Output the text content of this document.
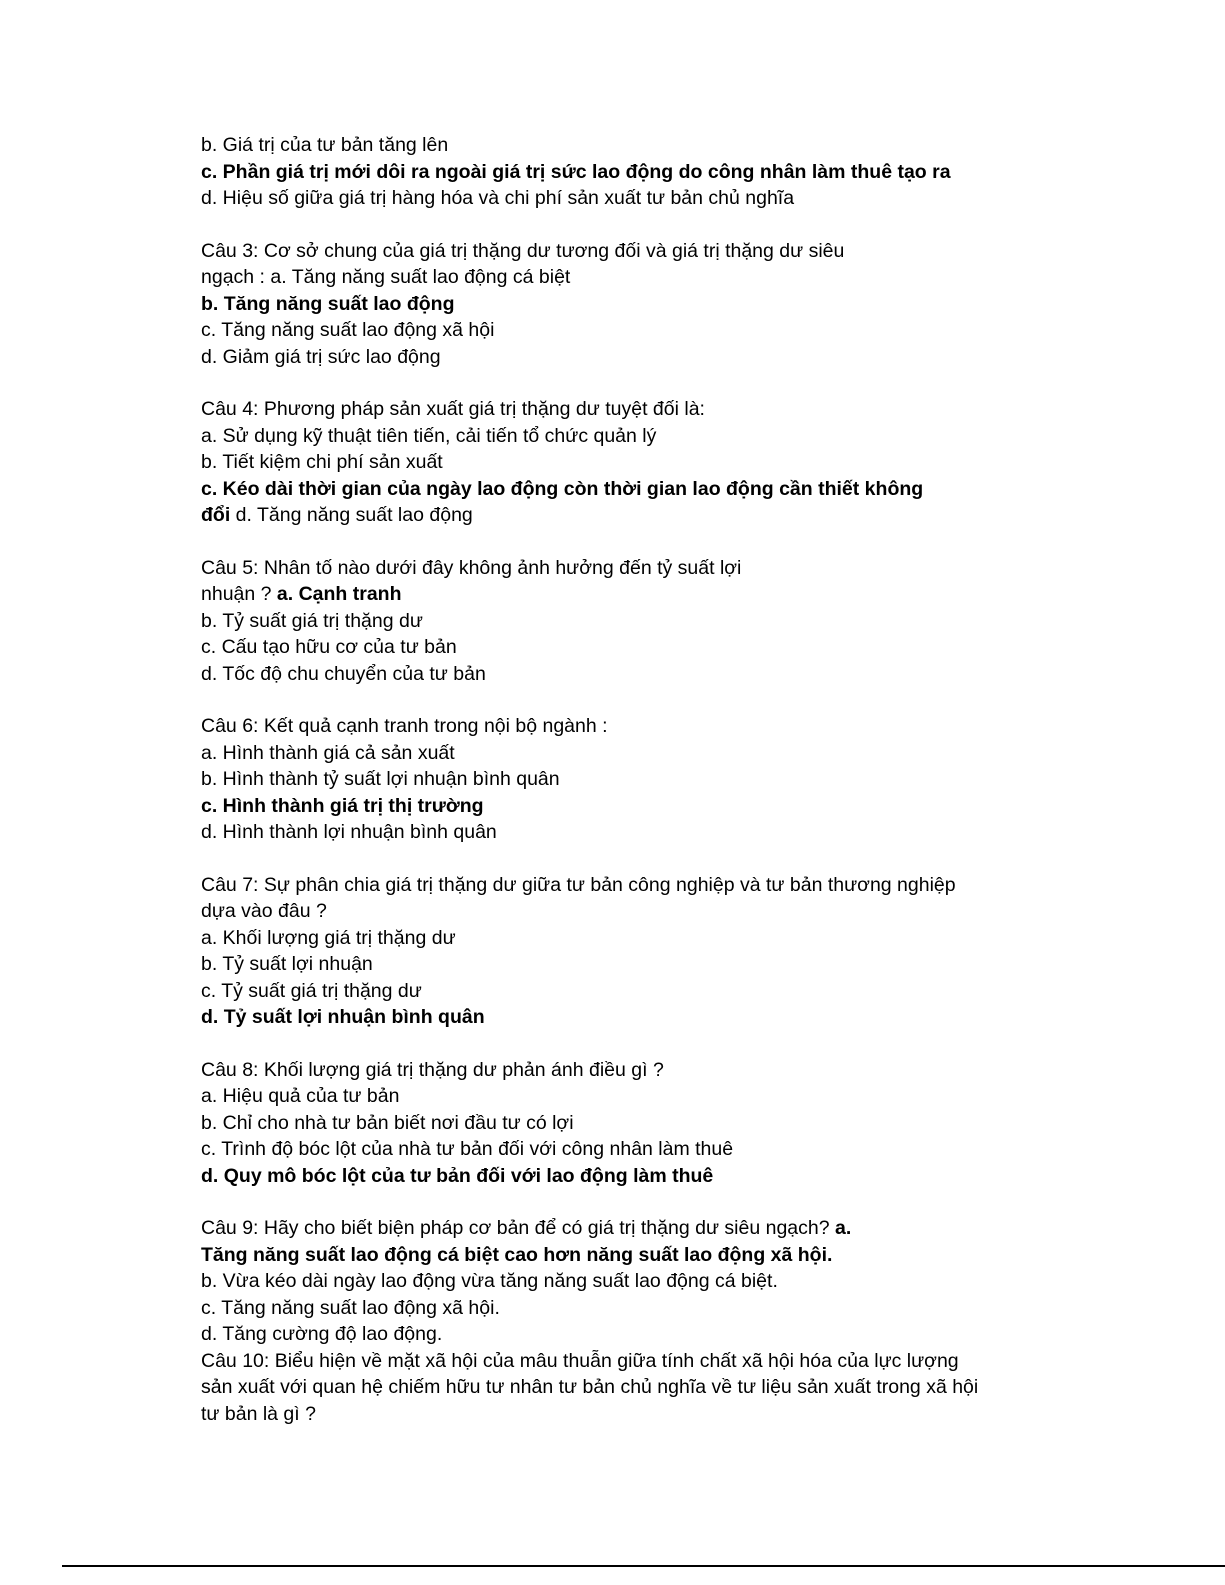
b. Giá trị của tư bản tăng lên
c. Phần giá trị mới dôi ra ngoài giá trị sức lao động do công nhân làm thuê tạo ra
d. Hiệu số giữa giá trị hàng hóa và chi phí sản xuất tư bản chủ nghĩa
Câu 3: Cơ sở chung của giá trị thặng dư tương đối và giá trị thặng dư siêu
ngạch : a. Tăng năng suất lao động cá biệt
b. Tăng năng suất lao động
c. Tăng năng suất lao động xã hội
d. Giảm giá trị sức lao động
Câu 4: Phương pháp sản xuất giá trị thặng dư tuyệt đối là:
a. Sử dụng kỹ thuật tiên tiến, cải tiến tổ chức quản lý
b. Tiết kiệm chi phí sản xuất
c. Kéo dài thời gian của ngày lao động còn thời gian lao động cần thiết không
đổi d. Tăng năng suất lao động
Câu 5: Nhân tố nào dưới đây không ảnh hưởng đến tỷ suất lợi
nhuận ? a. Cạnh tranh
b. Tỷ suất giá trị thặng dư
c. Cấu tạo hữu cơ của tư bản
d. Tốc độ chu chuyển của tư bản
Câu 6: Kết quả cạnh tranh trong nội bộ ngành :
a. Hình thành giá cả sản xuất
b. Hình thành tỷ suất lợi nhuận bình quân
c. Hình thành giá trị thị trường
d. Hình thành lợi nhuận bình quân
Câu 7: Sự phân chia giá trị thặng dư giữa tư bản công nghiệp và tư bản thương nghiệp
dựa vào đâu ?
a. Khối lượng giá trị thặng dư
b. Tỷ suất lợi nhuận
c. Tỷ suất giá trị thặng dư
d. Tỷ suất lợi nhuận bình quân
Câu 8: Khối lượng giá trị thặng dư phản ánh điều gì ?
a. Hiệu quả của tư bản
b. Chỉ cho nhà tư bản biết nơi đầu tư có lợi
c. Trình độ bóc lột của nhà tư bản đối với công nhân làm thuê
d. Quy mô bóc lột của tư bản đối với lao động làm thuê
Câu 9: Hãy cho biết biện pháp cơ bản để có giá trị thặng dư siêu ngạch? a.
Tăng năng suất lao động cá biệt cao hơn năng suất lao động xã hội.
b. Vừa kéo dài ngày lao động vừa tăng năng suất lao động cá biệt.
c. Tăng năng suất lao động xã hội.
d. Tăng cường độ lao động.
Câu 10: Biểu hiện về mặt xã hội của mâu thuẫn giữa tính chất xã hội hóa của lực lượng
sản xuất với quan hệ chiếm hữu tư nhân tư bản chủ nghĩa về tư liệu sản xuất trong xã hội
tư bản là gì ?
